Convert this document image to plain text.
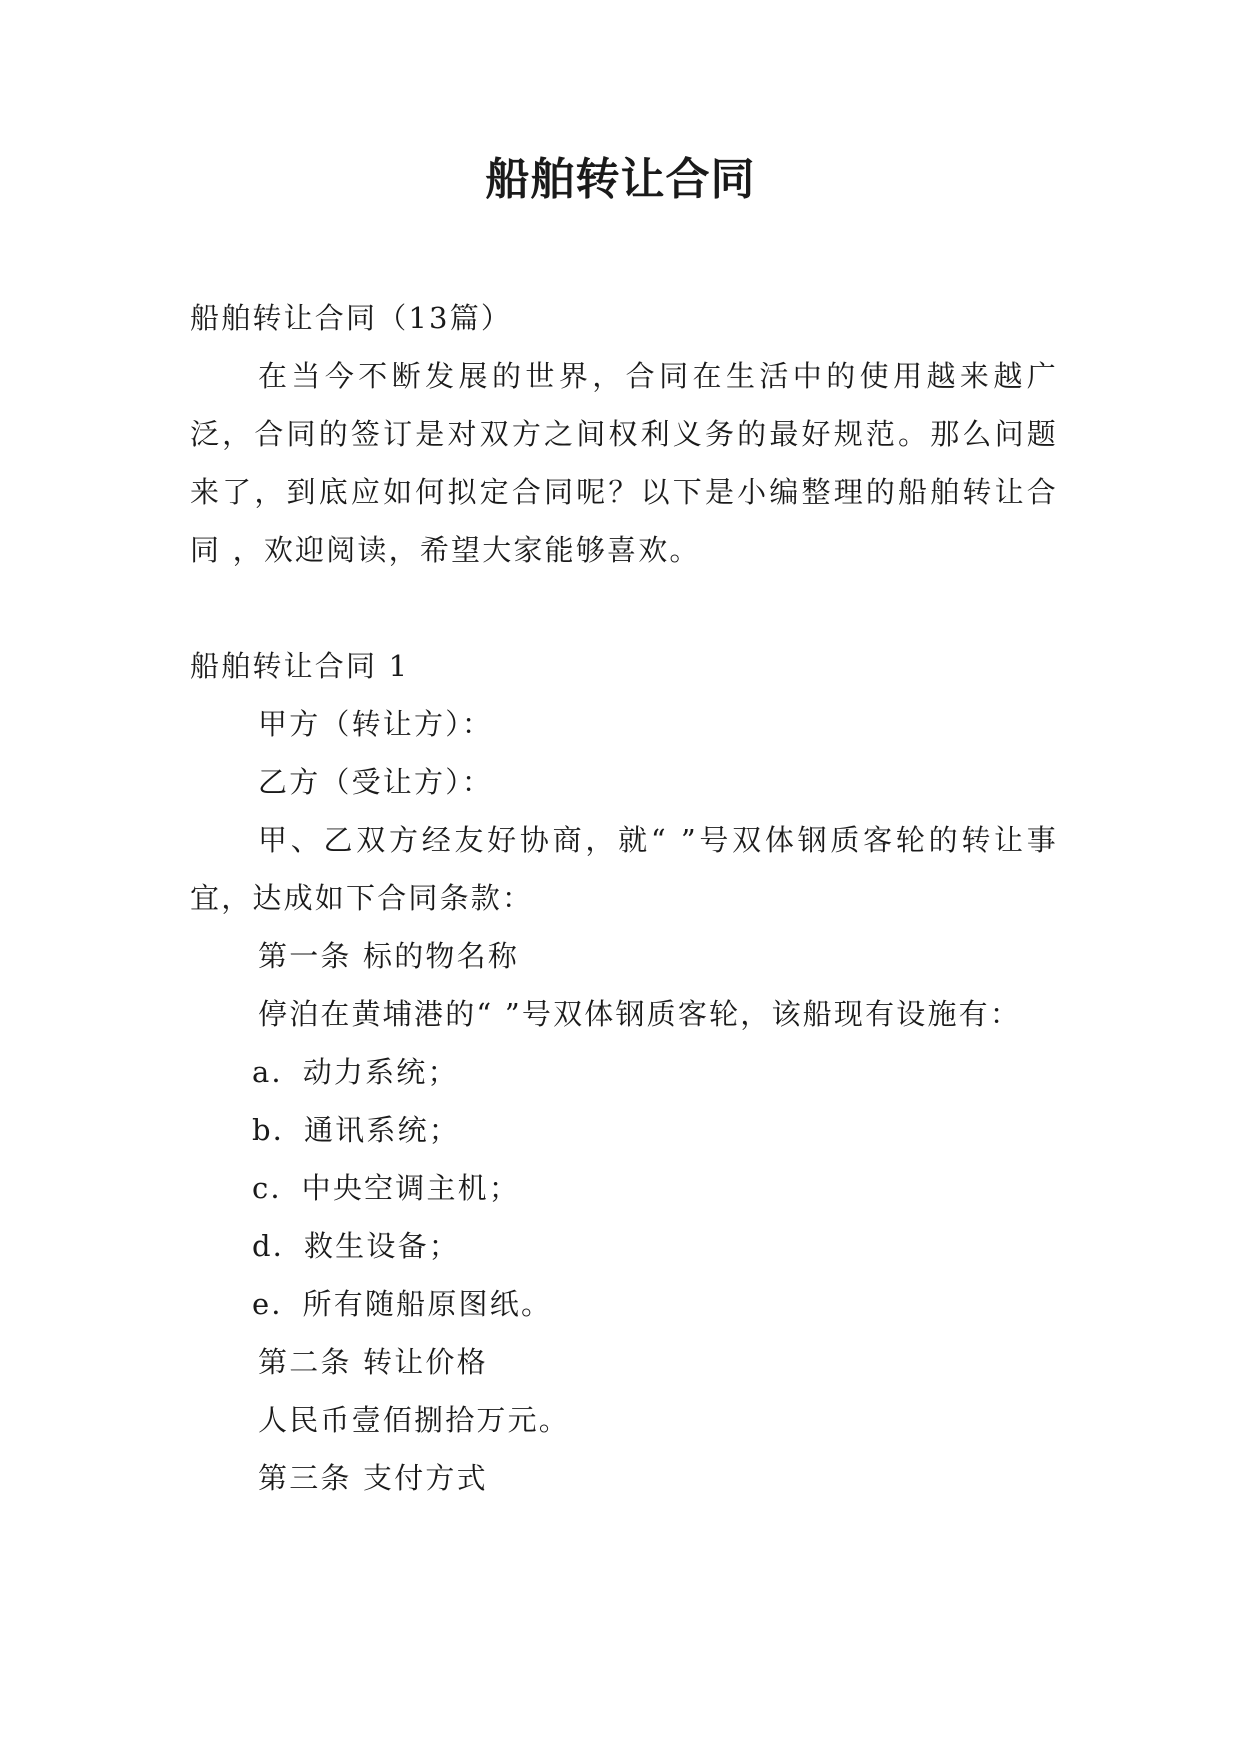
船舶转让合同

船舶转让合同（13篇）

在当今不断发展的世界，合同在生活中的使用越来越广泛，合同的签订是对双方之间权利义务的最好规范。那么问题来了，到底应如何拟定合同呢？以下是小编整理的船舶转让合同 ，欢迎阅读，希望大家能够喜欢。

船舶转让合同 1

甲方（转让方）：

乙方（受让方）：

甲、乙双方经友好协商，就“ ”号双体钢质客轮的转让事宜，达成如下合同条款：

第一条 标的物名称

停泊在黄埔港的“ ”号双体钢质客轮，该船现有设施有：

a．动力系统；

b．通讯系统；

c．中央空调主机；

d．救生设备；

e．所有随船原图纸。

第二条 转让价格

人民币壹佰捌拾万元。

第三条 支付方式
